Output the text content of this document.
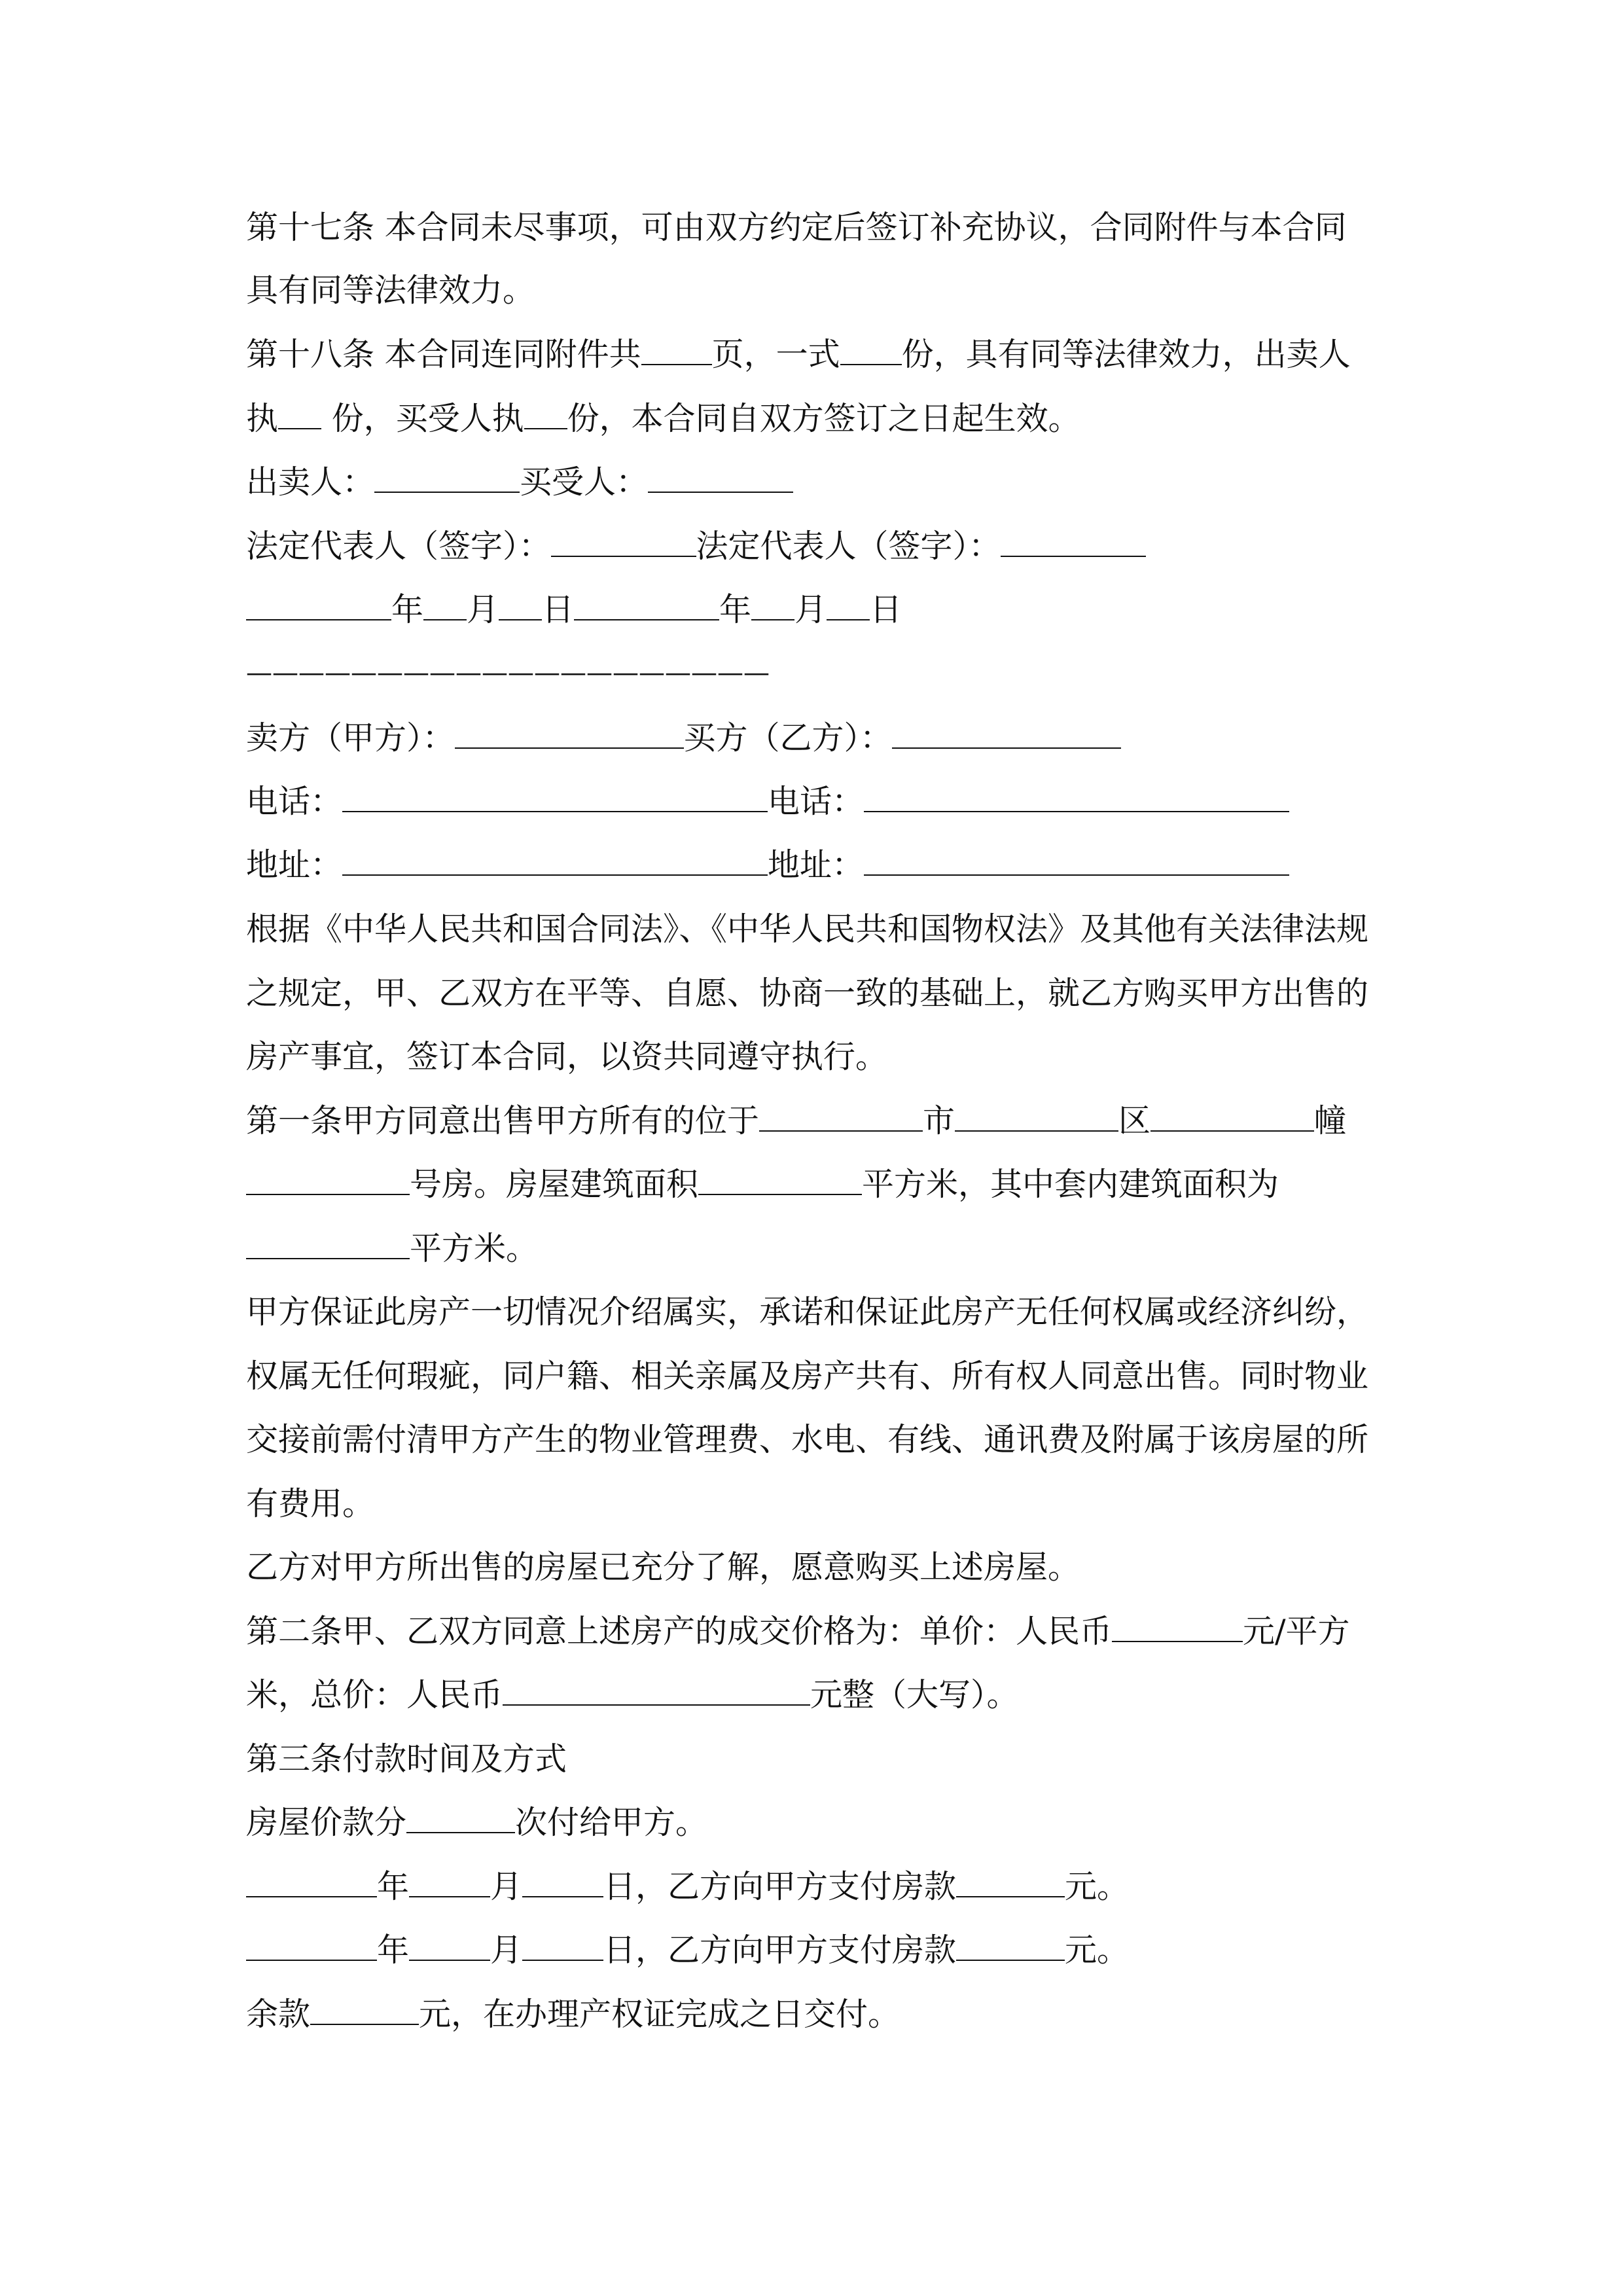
第十七条 本合同未尽事项，可由双方约定后签订补充协议，合同附件与本合同
具有同等法律效力。
第十八条 本合同连同附件共 页，一式 份，具有同等法律效力，出卖人
执 份，买受人执 份，本合同自双方签订之日起生效。
出卖人：	买受人：
法定代表人（签字）：	法定代表人（签字）：
年 月 日	年 月 日
————————————————————
卖方（甲方）：	买方（乙方）：
电话：	电话：
地址：	地址：
根据《中华人民共和国合同法》、《中华人民共和国物权法》及其他有关法律法规
之规定，甲、乙双方在平等、自愿、协商一致的基础上，就乙方购买甲方出售的
房产事宜，签订本合同，以资共同遵守执行。
第一条甲方同意出售甲方所有的位于	市	区	幢
号房。房屋建筑面积	平方米，其中套内建筑面积为
平方米。
甲方保证此房产一切情况介绍属实，承诺和保证此房产无任何权属或经济纠纷，
权属无任何瑕疵，同户籍、相关亲属及房产共有、所有权人同意出售。同时物业
交接前需付清甲方产生的物业管理费、水电、有线、通讯费及附属于该房屋的所
有费用。
乙方对甲方所出售的房屋已充分了解，愿意购买上述房屋。
第二条甲、乙双方同意上述房产的成交价格为：单价：人民币	元/平方
米，总价：人民币	元整（大写）。
第三条付款时间及方式
房屋价款分	次付给甲方。
年	月	日，乙方向甲方支付房款	元。
年	月	日，乙方向甲方支付房款	元。
余款	元，在办理产权证完成之日交付。
